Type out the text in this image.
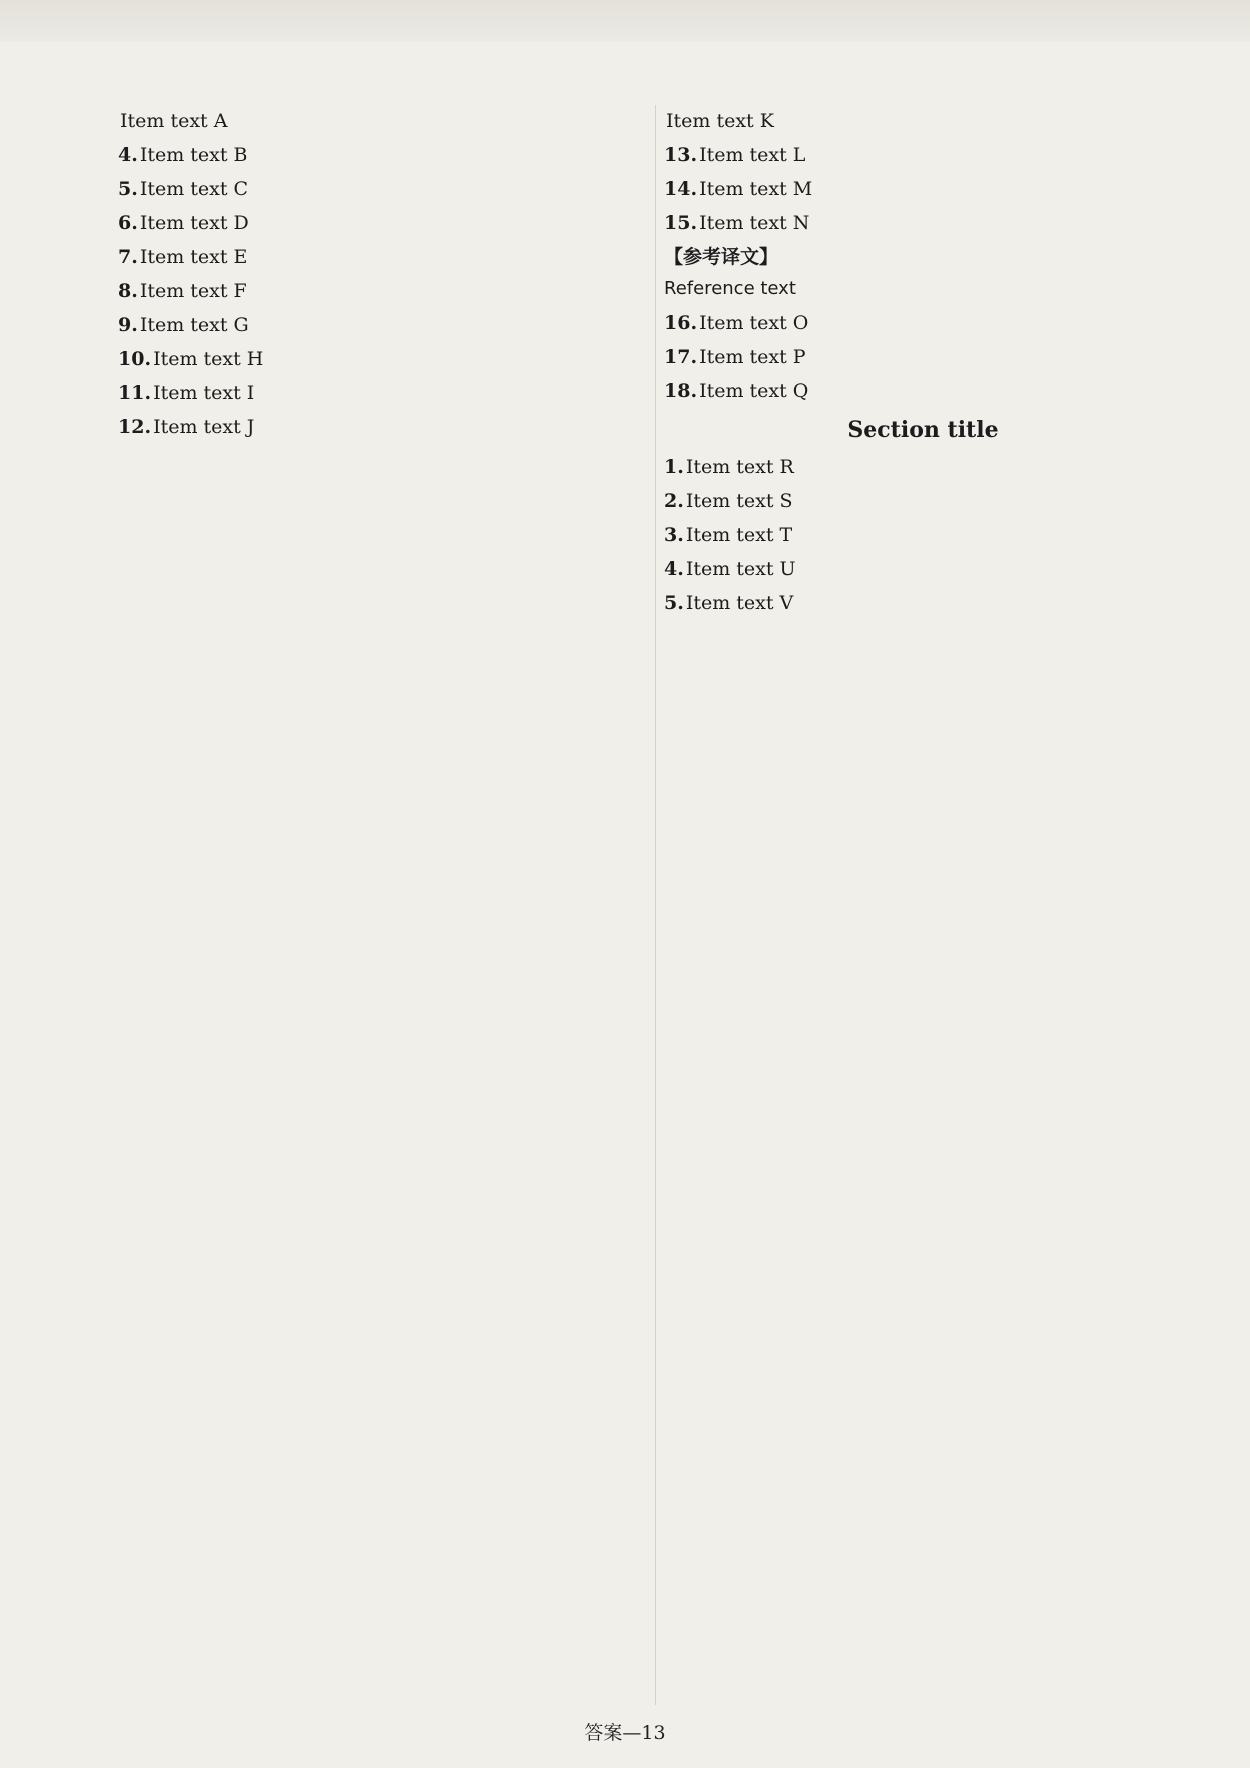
Item text A

4. Item text B

5. Item text C

6. Item text D

7. Item text E

8. Item text F

9. Item text G

10. Item text H

11. Item text I

12. Item text J

Item text K

13. Item text L

14. Item text M

15. Item text N

【参考译文】

Reference text

16. Item text O

17. Item text P

18. Item text Q

Section title

1. Item text R

2. Item text S

3. Item text T

4. Item text U

5. Item text V

答案—13
